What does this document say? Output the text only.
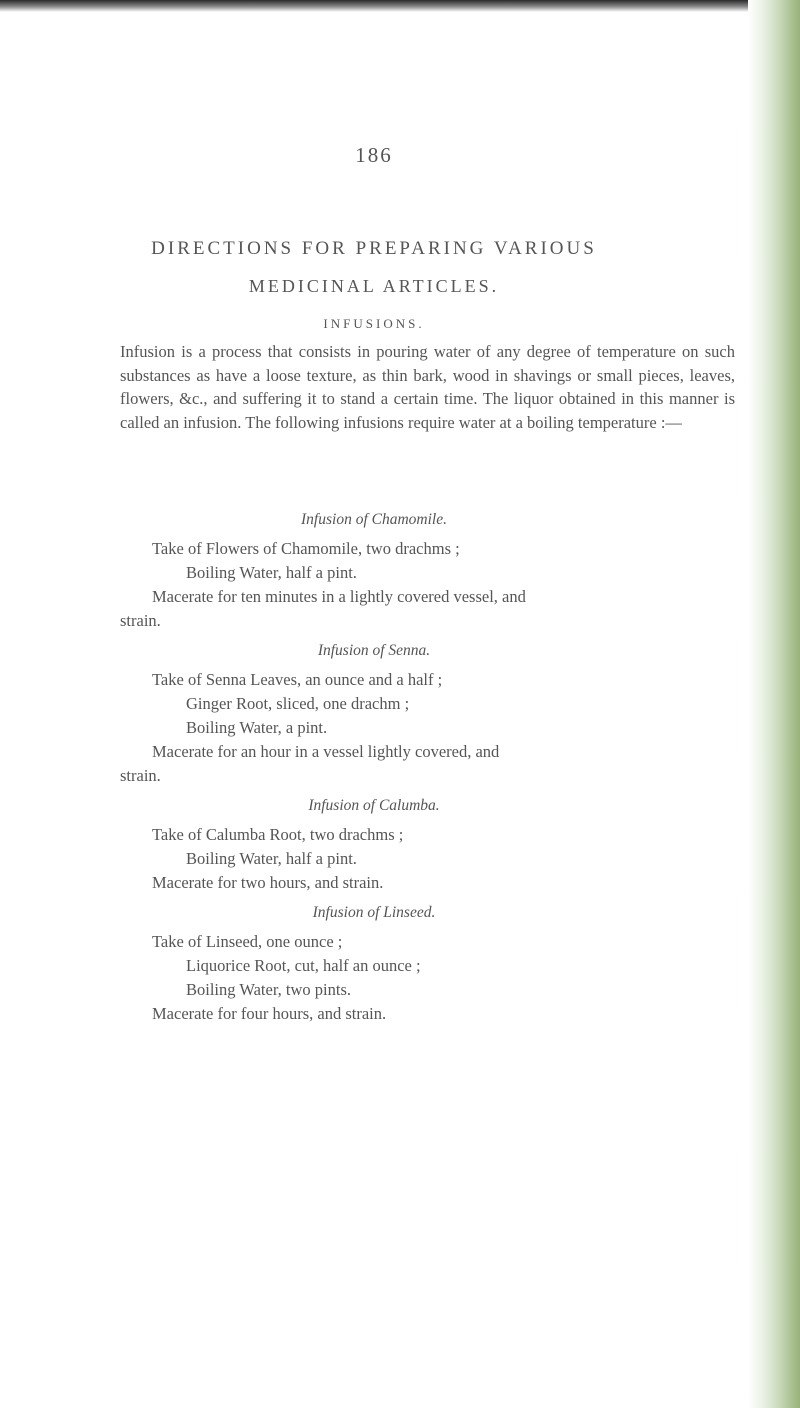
186
DIRECTIONS FOR PREPARING VARIOUS
MEDICINAL ARTICLES.
INFUSIONS.
Infusion is a process that consists in pouring water of any degree of temperature on such substances as have a loose texture, as thin bark, wood in shavings or small pieces, leaves, flowers, &c., and suffering it to stand a certain time. The liquor obtained in this manner is called an infusion. The following infusions require water at a boiling temperature :—
Infusion of Chamomile.
Take of Flowers of Chamomile, two drachms ;
Boiling Water, half a pint.
Macerate for ten minutes in a lightly covered vessel, and
strain.
Infusion of Senna.
Take of Senna Leaves, an ounce and a half ;
Ginger Root, sliced, one drachm ;
Boiling Water, a pint.
Macerate for an hour in a vessel lightly covered, and
strain.
Infusion of Calumba.
Take of Calumba Root, two drachms ;
Boiling Water, half a pint.
Macerate for two hours, and strain.
Infusion of Linseed.
Take of Linseed, one ounce ;
Liquorice Root, cut, half an ounce ;
Boiling Water, two pints.
Macerate for four hours, and strain.
